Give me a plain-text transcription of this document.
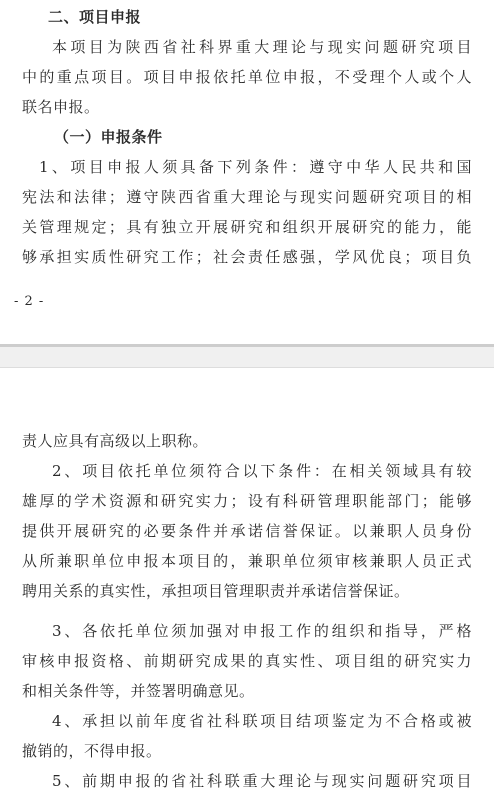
二、项目申报
本项目为陕西省社科界重大理论与现实问题研究项目
中的重点项目。项目申报依托单位申报，不受理个人或个人
联名申报。
（一）申报条件
1、项目申报人须具备下列条件：遵守中华人民共和国
宪法和法律；遵守陕西省重大理论与现实问题研究项目的相
关管理规定；具有独立开展研究和组织开展研究的能力，能
够承担实质性研究工作；社会责任感强，学风优良；项目负
- 2 -
责人应具有高级以上职称。
2、项目依托单位须符合以下条件：在相关领域具有较
雄厚的学术资源和研究实力；设有科研管理职能部门；能够
提供开展研究的必要条件并承诺信誉保证。以兼职人员身份
从所兼职单位申报本项目的，兼职单位须审核兼职人员正式
聘用关系的真实性，承担项目管理职责并承诺信誉保证。
3、各依托单位须加强对申报工作的组织和指导，严格
审核申报资格、前期研究成果的真实性、项目组的研究实力
和相关条件等，并签署明确意见。
4、承担以前年度省社科联项目结项鉴定为不合格或被
撤销的，不得申报。
5、前期申报的省社科联重大理论与现实问题研究项目
